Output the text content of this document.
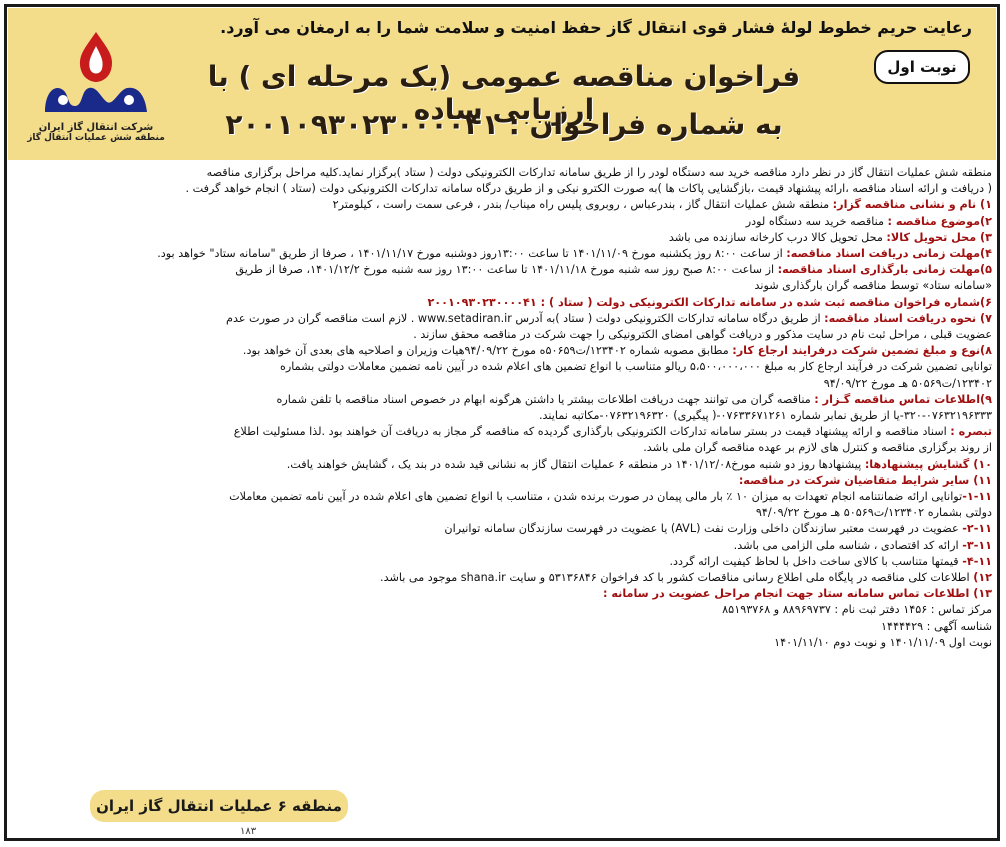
شرکت انتقال گاز ایران
منطقه شش عملیات انتقال گاز
رعایت حریم خطوط لولهٔ فشار قوی انتقال گاز حفظ امنیت و سلامت شما را به ارمغان می آورد.
فراخوان مناقصه عمومی (یک مرحله ای ) با ارزیابی ساده
به شماره فراخوان : ۲۰۰۱۰۹۳۰۲۳۰۰۰۰۴۱
نوبت اول
منطقه شش عملیات انتقال گاز در نظر دارد مناقصه خرید سه دستگاه لودر را از طریق سامانه تدارکات الکترونیکی دولت ( ستاد )برگزار نماید.کلیه مراحل برگزاری مناقصه
( دریافت و ارائه اسناد مناقصه ،ارائه پیشنهاد قیمت ،بازگشایی پاکات ها )به صورت الکترو نیکی و از طریق درگاه سامانه تدارکات الکترونیکی دولت (ستاد ) انجام خواهد گرفت .
۱) نام و نشانی مناقصه گزار: منطقه شش عملیات انتقال گاز ، بندرعباس ، روبروی پلیس راه میناب/ بندر ، فرعی سمت راست ، کیلومتر۲
۲)موضوع مناقصه : مناقصه خرید سه دستگاه لودر
۳) محل تحویل کالا: محل تحویل کالا درب کارخانه سازنده می باشد
۴)مهلت زمانی دریافت اسناد مناقصه: از ساعت ۸:۰۰ روز یکشنبه مورخ ۱۴۰۱/۱۱/۰۹ تا ساعت ۱۳:۰۰روز دوشنبه مورخ ۱۴۰۱/۱۱/۱۷ ، صرفا از طریق "سامانه ستاد" خواهد بود.
۵)مهلت زمانی بارگذاری اسناد مناقصه: از ساعت ۸:۰۰ صبح روز سه شنبه مورخ ۱۴۰۱/۱۱/۱۸ تا ساعت ۱۳:۰۰ روز سه شنبه مورخ ۱۴۰۱/۱۲/۲، صرفا از طریق
«سامانه ستاد» توسط مناقصه گران بارگذاری شوند
۶)شماره فراخوان مناقصه ثبت شده در سامانه تدارکات الکترونیکی دولت ( ستاد ) : ۲۰۰۱۰۹۳۰۲۳۰۰۰۰۴۱
۷) نحوه دریافت اسناد مناقصه: از طریق درگاه سامانه تدارکات الکترونیکی دولت ( ستاد )به آدرس www.setadiran.ir . لازم است مناقصه گران در صورت عدم
عضویت قبلی ، مراحل ثبت نام در سایت مذکور و دریافت گواهی امضای الکترونیکی را جهت شرکت در مناقصه محقق سازند .
۸)نوع و مبلغ تضمین شرکت درفرایند ارجاع کار: مطابق مصوبه شماره ۱۲۳۴۰۲/ت۵۰۶۵۹ه مورخ ۹۴/۰۹/۲۲هیات وزیران و اصلاحیه های بعدی آن خواهد بود.
توانایی تضمین شرکت در فرآیند ارجاع کار به مبلغ ۵،۵۰۰،۰۰۰،۰۰۰ ریالو متناسب با انواع تضمین های اعلام شده در آیین نامه تضمین معاملات دولتی بشماره
۱۲۳۴۰۲/ت۵۰۵۶۹ هـ مورخ ۹۴/۰۹/۲۲
۹)اطلاعات تماس مناقصه گـزار : مناقصه گران می توانند جهت دریافت اطلاعات بیشتر یا داشتن هرگونه ابهام در خصوص اسناد مناقصه با تلفن شماره
۳۲۰-۰۷۶۳۲۱۹۶۳۳۳-یا از طریق نمابر شماره ۰۷۶۳۳۶۷۱۲۶۱-( پیگیری) ۰۷۶۳۲۱۹۶۳۲۰-مکاتبه نمایند.
تبصره : اسناد مناقصه و ارائه پیشنهاد قیمت در بستر سامانه تدارکات الکترونیکی بارگذاری گردیده که مناقصه گر مجاز به دریافت آن خواهند بود .لذا مسئولیت اطلاع
از روند برگزاری مناقصه و کنترل های لازم بر عهده مناقصه گران ملی باشد.
۱۰) گشایش پیشنهادها: پیشنهادها روز دو شنبه مورخ۱۴۰۱/۱۲/۰۸ در منطقه ۶ عملیات انتقال گاز به نشانی قید شده در بند یک ، گشایش خواهند یافت.
۱۱) سایر شرایط متقاضیان شرکت در مناقصه:
۱-۱۱-توانایی ارائه ضمانتنامه انجام تعهدات به میزان ۱۰ ٪ بار مالی پیمان در صورت برنده شدن ، متناسب با انواع تضمین های اعلام شده در آیین نامه تضمین معاملات
دولتی بشماره ۱۲۳۴۰۲/ت۵۰۵۶۹ هـ مورخ ۹۴/۰۹/۲۲
۲-۱۱- عضویت در فهرست معتبر سازندگان داخلی وزارت نفت (AVL) یا عضویت در فهرست سازندگان سامانه توانیران
۳-۱۱- ارائه کد اقتصادی ، شناسه ملی الزامی می باشد.
۴-۱۱- قیمتها متناسب با کالای ساخت داخل با لحاظ کیفیت ارائه گردد.
۱۲) اطلاعات کلی مناقصه در پایگاه ملی اطلاع رسانی مناقصات کشور با کد فراخوان ۵۳۱۳۶۸۴۶ و سایت shana.ir موجود می باشد.
۱۳) اطلاعات تماس سامانه ستاد جهت انجام مراحل عضویت در سامانه :
مرکز تماس : ۱۴۵۶ دفتر ثبت نام : ۸۸۹۶۹۷۳۷ و ۸۵۱۹۳۷۶۸
شناسه آگهی : ۱۴۴۴۴۲۹
نوبت اول ۱۴۰۱/۱۱/۰۹ و نوبت دوم ۱۴۰۱/۱۱/۱۰
منطقه ۶ عملیات انتقال گاز ایران
۱۸۳
